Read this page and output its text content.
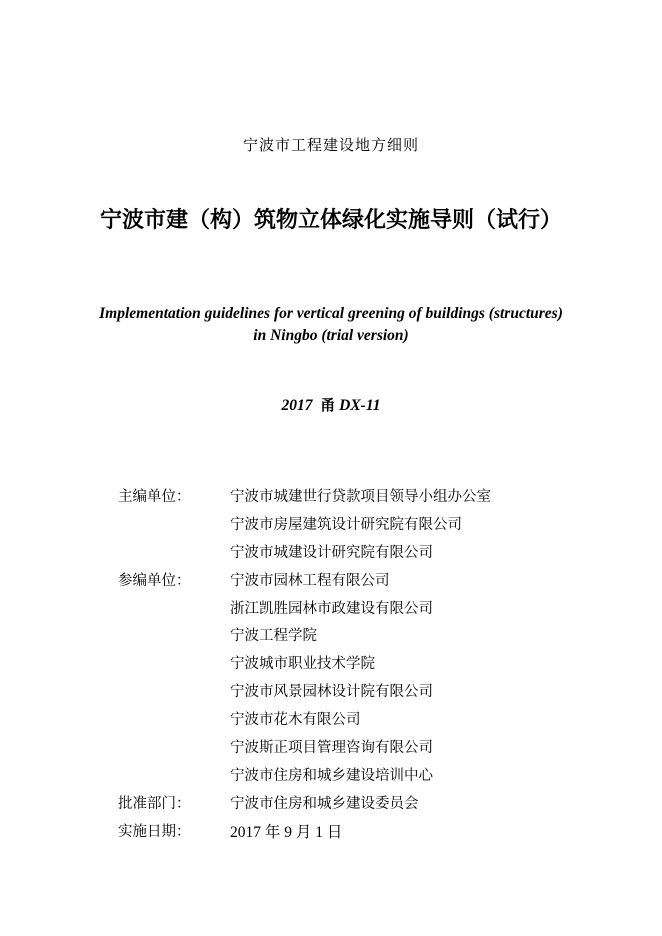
宁波市工程建设地方细则
宁波市建（构）筑物立体绿化实施导则（试行）
Implementation guidelines for vertical greening of buildings (structures)
in Ningbo (trial version)
2017 甬 DX-11
主编单位：	宁波市城建世行贷款项目领导小组办公室
宁波市房屋建筑设计研究院有限公司
宁波市城建设计研究院有限公司
参编单位：	宁波市园林工程有限公司
浙江凯胜园林市政建设有限公司
宁波工程学院
宁波城市职业技术学院
宁波市风景园林设计院有限公司
宁波市花木有限公司
宁波斯正项目管理咨询有限公司
宁波市住房和城乡建设培训中心
批准部门：	宁波市住房和城乡建设委员会
实施日期：	2017 年 9 月 1 日
